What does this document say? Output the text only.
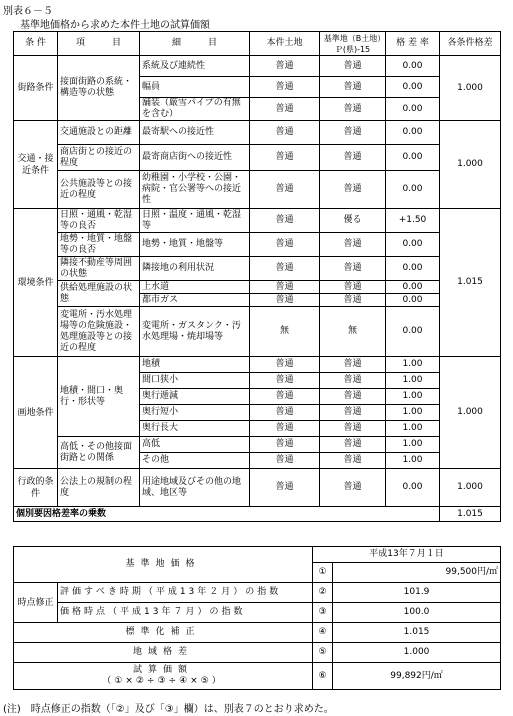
別表６－５
基準地価格から求めた本件土地の試算価額
条 件	項　　　目	細　　　目	本件土地	基準地（B土地）Ｐ(県)-15	格 差 率	各条件格差
街路条件	接面街路の系統・構造等の状態	系統及び連続性	普通	普通	0.00	1.000
		幅員	普通	普通	0.00	
		舗装（厳雪パイプの有無を含む）	普通	普通	0.00	
交通・接近条件	交通施設との距離	最寄駅への接近性	普通	普通	0.00	1.000
	商店街との接近の程度	最寄商店街への接近性	普通	普通	0.00	
	公共施設等との接近の程度	幼稚園・小学校・公園・病院・官公署等への接近性	普通	普通	0.00	
環境条件	日照・通風・乾湿等の良否	日照・温度・通風・乾湿等	普通	優る	+1.50	1.015
	地勢・地質・地盤等の良否	地勢・地質・地盤等	普通	普通	0.00	
	隣接不動産等周囲の状態	隣接地の利用状況	普通	普通	0.00	
	供給処理施設の状態	上水道	普通	普通	0.00	
		都市ガス	普通	普通	0.00	
	変電所・汚水処理場等の危険施設・処理施設等との接近の程度	変電所・ガスタンク・汚水処理場・焼却場等	無	無	0.00	
画地条件	地積・間口・奥行・形状等	地積	普通	普通	1.00	1.000
		間口狭小	普通	普通	1.00	
		奥行逓減	普通	普通	1.00	
		奥行短小	普通	普通	1.00	
		奥行長大	普通	普通	1.00	
	高低・その他接面街路との関係	高低	普通	普通	1.00	
		その他	普通	普通	1.00	
行政的条件	公法上の規制の程度	用途地域及びその他の地域、地区等	普通	普通	0.00	1.000
個別要因格差率の乗数						1.015
基準地価格		平成13年７月１日	
		①	99,500円/㎡
時点修正	評価すべき時期（平成13年２月）の指数	②	101.9
	価格時点（平成13年７月）の指数	③	100.0
標準化補正		④	1.015
地域格差		⑤	1.000

試算価額
（①×②÷③÷④×⑤）		⑥	99,892円/㎡
(注)　時点修正の指数（「②」及び「③」欄）は、別表７のとおり求めた。
